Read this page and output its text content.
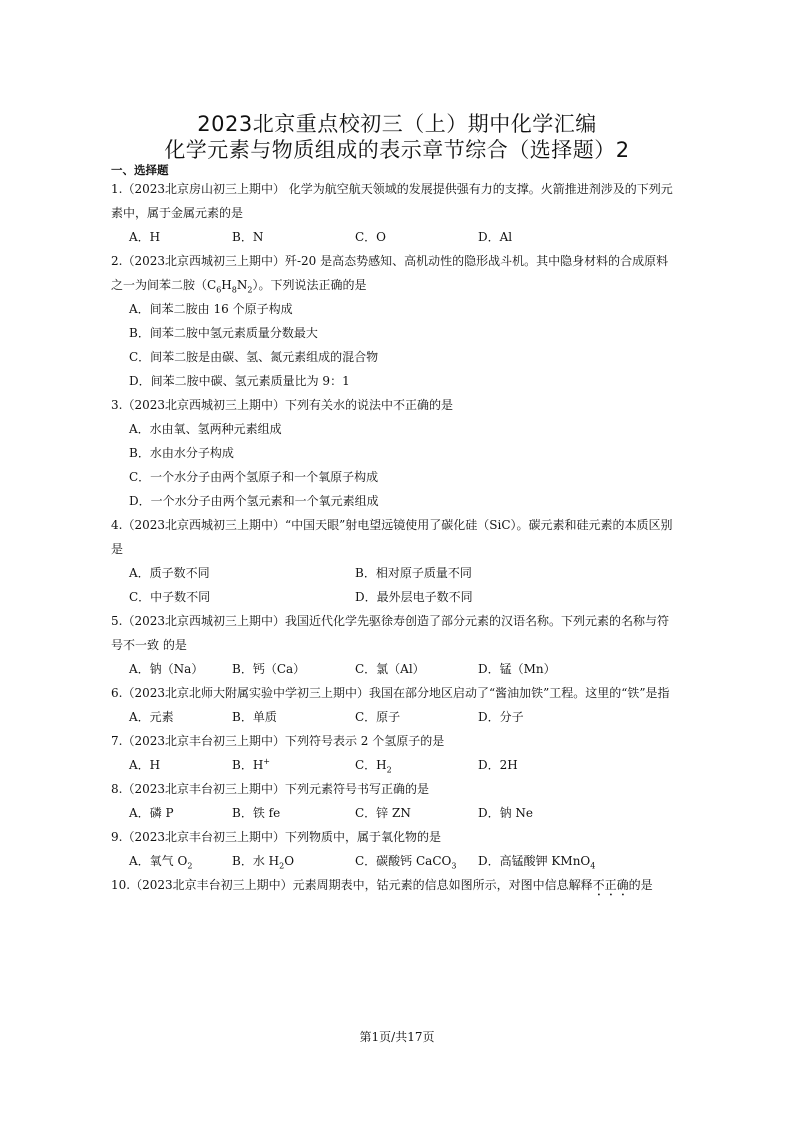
2023北京重点校初三（上）期中化学汇编
化学元素与物质组成的表示章节综合（选择题）2
一、选择题
1.（2023北京房山初三上期中） 化学为航空航天领域的发展提供强有力的支撑。火箭推进剂涉及的下列元
素中，属于金属元素的是
A．H	B．N	C．O	D．Al
2.（2023北京西城初三上期中）歼-20 是高态势感知、高机动性的隐形战斗机。其中隐身材料的合成原料
之一为间苯二胺$(C_6H_8N_2)$。下列说法正确的是
A．间苯二胺由 16 个原子构成
B．间苯二胺中氢元素质量分数最大
C．间苯二胺是由碳、氢、氮元素组成的混合物
D．间苯二胺中碳、氢元素质量比为 9：1
3.（2023北京西城初三上期中）下列有关水的说法中不正确的是
A．水由氧、氢两种元素组成
B．水由水分子构成
C．一个水分子由两个氢原子和一个氧原子构成
D．一个水分子由两个氢元素和一个氧元素组成
4.（2023北京西城初三上期中）“中国天眼”射电望远镜使用了碳化硅（SiC）。碳元素和硅元素的本质区别
是
A．质子数不同	B．相对原子质量不同
C．中子数不同	D．最外层电子数不同
5.（2023北京西城初三上期中）我国近代化学先驱徐寿创造了部分元素的汉语名称。下列元素的名称与符
号不一致 的是
A．钠（Na） B．钙（Ca）	C．氯（Al）	D．锰（Mn）
6.（2023北京北师大附属实验中学初三上期中）我国在部分地区启动了“酱油加铁”工程。这里的“铁”是指
A．元素	B．单质	C．原子	D．分子
7.（2023北京丰台初三上期中）下列符号表示 2 个氢原子的是
A．H	B．H+	C．$H_2$	D．2H
8.（2023北京丰台初三上期中）下列元素符号书写正确的是
A．磷 P	B．铁 fe	C．锌 ZN	D．钠 Ne
9.（2023北京丰台初三上期中）下列物质中，属于氧化物的是
A．氧气 $O_2$	B．水 $H_2O$	C．碳酸钙 CaCO$_3$ D．高锰酸钾 KMnO$_4$
10.（2023北京丰台初三上期中）元素周期表中，钴元素的信息如图所示，对图中信息解释不正确的是
第1页/共17页
